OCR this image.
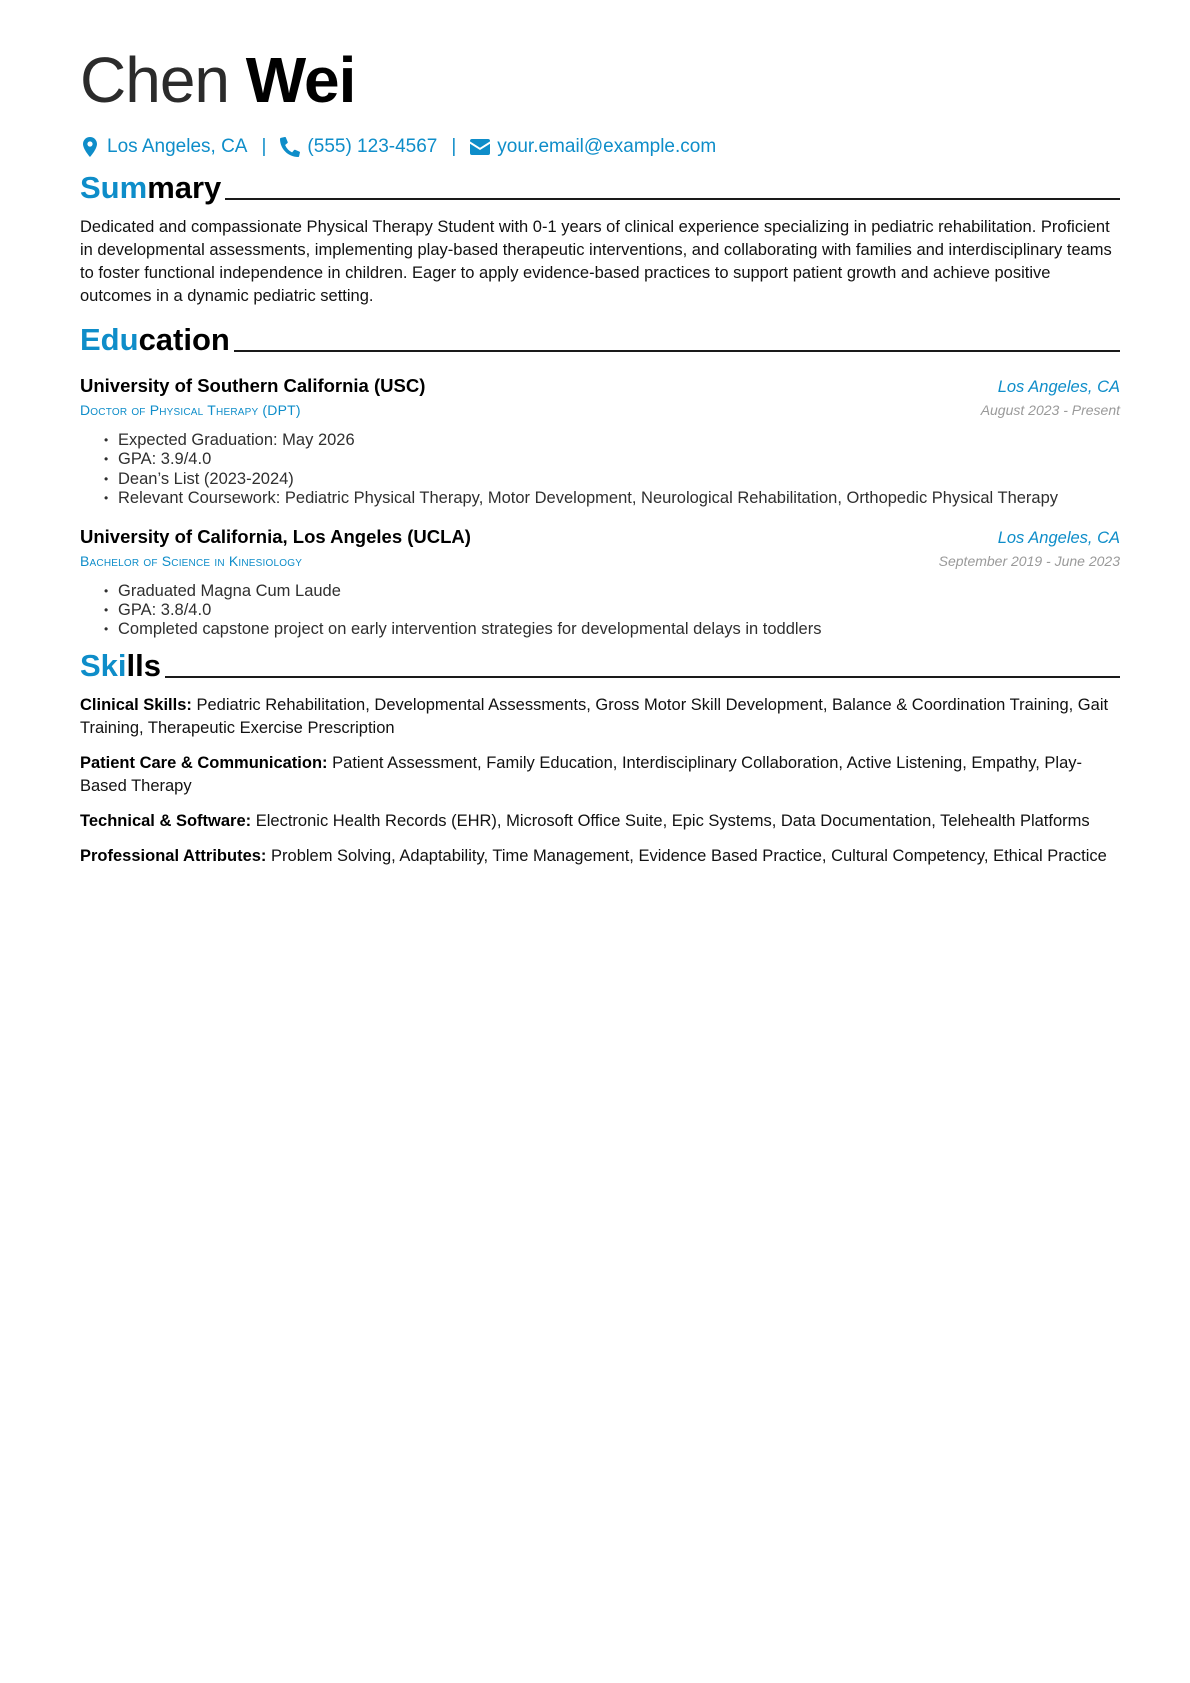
Chen Wei
Los Angeles, CA | (555) 123-4567 | your.email@example.com
Summary
Dedicated and compassionate Physical Therapy Student with 0-1 years of clinical experience specializing in pediatric rehabilitation. Proficient in developmental assessments, implementing play-based therapeutic interventions, and collaborating with families and interdisciplinary teams to foster functional independence in children. Eager to apply evidence-based practices to support patient growth and achieve positive outcomes in a dynamic pediatric setting.
Education
University of Southern California (USC)	Los Angeles, CA
Doctor of Physical Therapy (DPT)	August 2023 - Present
• Expected Graduation: May 2026
• GPA: 3.9/4.0
• Dean’s List (2023-2024)
• Relevant Coursework: Pediatric Physical Therapy, Motor Development, Neurological Rehabilitation, Orthopedic Physical Therapy
University of California, Los Angeles (UCLA)	Los Angeles, CA
Bachelor of Science in Kinesiology	September 2019 - June 2023
• Graduated Magna Cum Laude
• GPA: 3.8/4.0
• Completed capstone project on early intervention strategies for developmental delays in toddlers
Skills
Clinical Skills: Pediatric Rehabilitation, Developmental Assessments, Gross Motor Skill Development, Balance & Coordination Training, Gait Training, Therapeutic Exercise Prescription
Patient Care & Communication: Patient Assessment, Family Education, Interdisciplinary Collaboration, Active Listening, Empathy, Play-Based Therapy
Technical & Software: Electronic Health Records (EHR), Microsoft Office Suite, Epic Systems, Data Documentation, Telehealth Platforms
Professional Attributes: Problem Solving, Adaptability, Time Management, Evidence Based Practice, Cultural Competency, Ethical Practice
